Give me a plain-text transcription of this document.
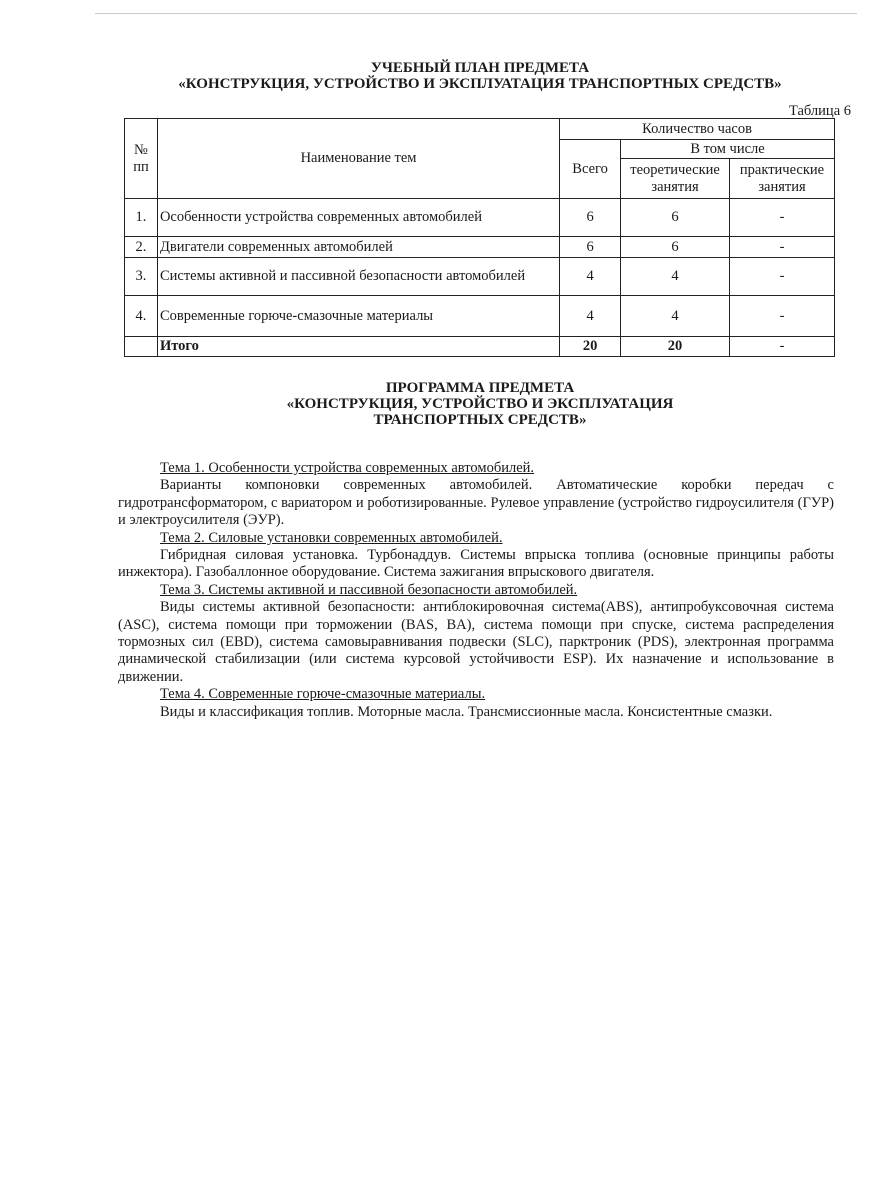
УЧЕБНЫЙ ПЛАН ПРЕДМЕТА
«КОНСТРУКЦИЯ, УСТРОЙСТВО И ЭКСПЛУАТАЦИЯ ТРАНСПОРТНЫХ СРЕДСТВ»
Таблица 6
№ пп	Наименование тем	Количество часов		
		Всего	В том числе	
			теоретические занятия	практические занятия
1.	Особенности устройства современных автомобилей	6	6	-
2.	Двигатели современных автомобилей	6	6	-
3.	Системы активной и пассивной безопасности автомобилей	4	4	-
4.	Современные горюче-смазочные материалы	4	4	-
	Итого	20	20	-
ПРОГРАММА ПРЕДМЕТА
«КОНСТРУКЦИЯ, УСТРОЙСТВО И ЭКСПЛУАТАЦИЯ
ТРАНСПОРТНЫХ СРЕДСТВ»

Тема 1. Особенности устройства современных автомобилей.

Варианты компоновки современных автомобилей. Автоматические коробки передач с гидротрансформатором, с вариатором и роботизированные. Рулевое управление (устройство гидроусилителя (ГУР) и электроусилителя (ЭУР).

Тема 2. Силовые установки современных автомобилей.

Гибридная силовая установка. Турбонаддув. Системы впрыска топлива (основные принципы работы инжектора). Газобаллонное оборудование. Система зажигания впрыскового двигателя.

Тема 3. Системы активной и пассивной безопасности автомобилей.

Виды системы активной безопасности: антиблокировочная система(ABS), антипробуксовочная система (ASC), система помощи при торможении (BAS, BA), система помощи при спуске, система распределения тормозных сил (EBD), система самовыравнивания подвески (SLC), парктроник (PDS), электронная программа динамической стабилизации (или система курсовой устойчивости ESP). Их назначение и использование в движении.

Тема 4. Современные горюче-смазочные материалы.

Виды и классификация топлив. Моторные масла. Трансмиссионные масла. Консистентные смазки.
